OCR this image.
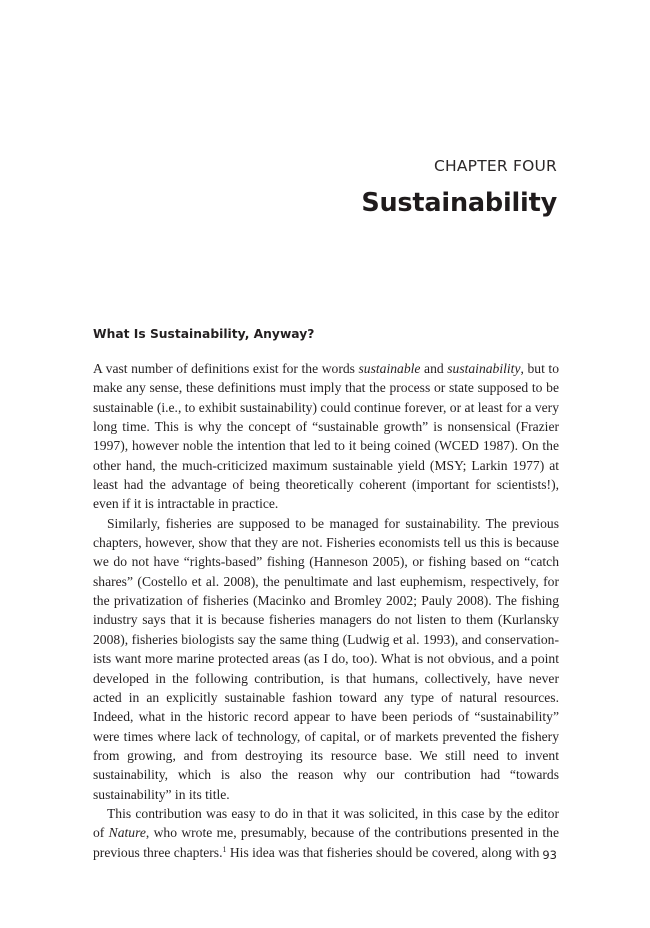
CHAPTER FOUR
Sustainability
What Is Sustainability, Anyway?

A vast number of definitions exist for the words sustainable and sustainability, but to make any sense, these definitions must imply that the process or state supposed to be sustainable (i.e., to exhibit sustainability) could continue forever, or at least for a very long time. This is why the concept of “sustainable growth” is nonsensical (Frazier 1997), however noble the intention that led to it being coined (WCED 1987). On the other hand, the much-criticized maximum sustainable yield (MSY; Larkin 1977) at least had the advantage of being theoretically coherent (important for scientists!), even if it is intractable in practice.

Similarly, fisheries are supposed to be managed for sustainability. The previous chapters, however, show that they are not. Fisheries economists tell us this is because we do not have “rights-based” fishing (Hanneson 2005), or fishing based on “catch shares” (Costello et al. 2008), the penultimate and last euphemism, respectively, for the privatization of fisheries (Macinko and Bromley 2002; Pauly 2008). The fishing industry says that it is because fisheries managers do not listen to them (Kurlansky 2008), fisheries biologists say the same thing (Ludwig et al. 1993), and conservation-ists want more marine protected areas (as I do, too). What is not obvious, and a point developed in the following contribution, is that humans, collectively, have never acted in an explicitly sustainable fashion toward any type of natural resources. Indeed, what in the historic record appear to have been periods of “sustainability” were times where lack of technology, of capital, or of markets prevented the fishery from growing, and from destroying its resource base. We still need to invent sustainability, which is also the reason why our contribution had “towards sustainability” in its title.

This contribution was easy to do in that it was solicited, in this case by the editor of Nature, who wrote me, presumably, because of the contributions presented in the previous three chapters.$^1$ His idea was that fisheries should be covered, along with 93
